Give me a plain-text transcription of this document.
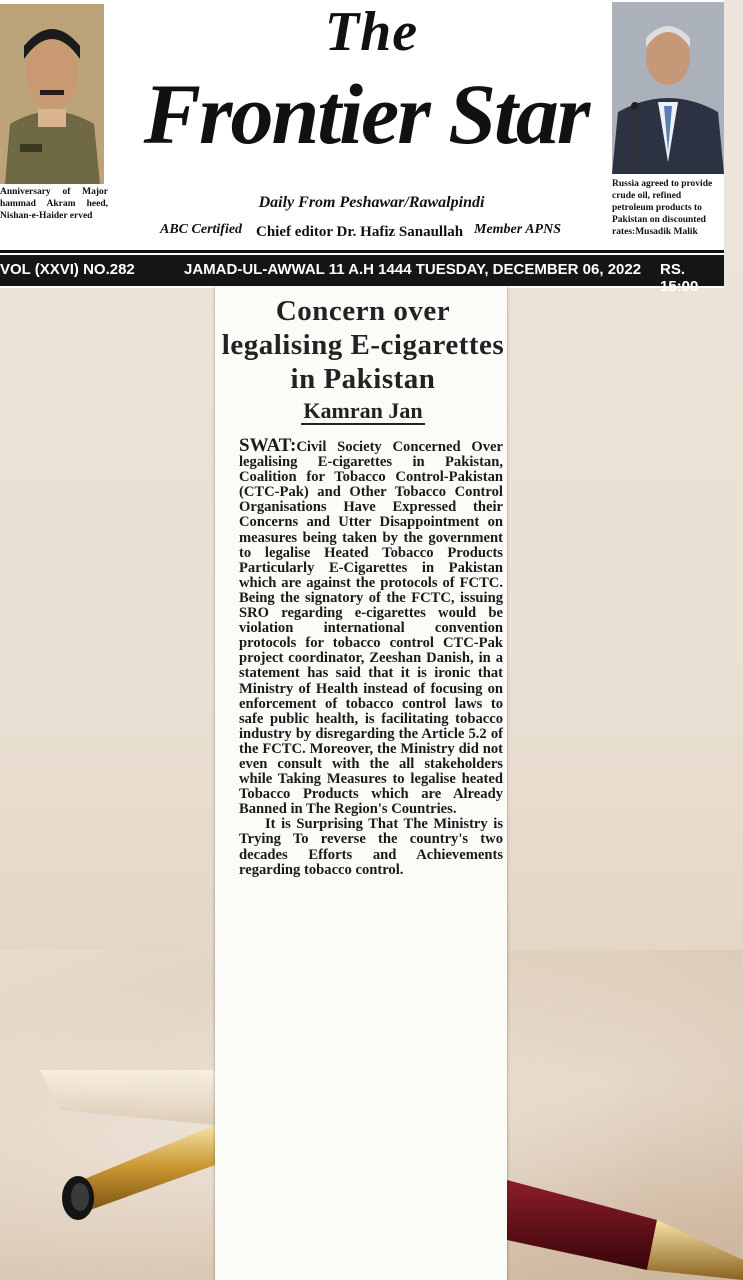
Anniversary of Major hammad Akram heed, Nishan-e-Haider erved
The
Frontier Star
Daily From Peshawar/Rawalpindi
ABC Certified Chief editor Dr. Hafiz Sanaullah Member APNS
Russia agreed to provide crude oil, refined petroleum products to Pakistan on discounted rates:Musadik Malik
VOL (XXVI) NO.282	JAMAD-UL-AWWAL 11 A.H 1444 TUESDAY, DECEMBER 06, 2022 RS. 15:00
Concern over legalising E-cigarettes in Pakistan
Kamran Jan

SWAT:Civil Society Concerned Over legalising E-cigarettes in Pakistan, Coalition for Tobacco Control-Pakistan (CTC-Pak) and Other Tobacco Control Organisations Have Expressed their Concerns and Utter Disappointment on measures being taken by the government to legalise Heated Tobacco Products Particularly E-Cigarettes in Pakistan which are against the protocols of FCTC. Being the signatory of the FCTC, issuing SRO regarding e-cigarettes would be violation international convention protocols for tobacco control CTC-Pak project coordinator, Zeeshan Danish, in a statement has said that it is ironic that Ministry of Health instead of focusing on enforcement of tobacco control laws to safe public health, is facilitating tobacco industry by disregarding the Article 5.2 of the FCTC. Moreover, the Ministry did not even consult with the all stakeholders while Taking Measures to legalise heated Tobacco Products which are Already Banned in The Region's Countries.

It is Surprising That The Ministry is Trying To reverse the country's two decades Efforts and Achievements regarding tobacco control.
